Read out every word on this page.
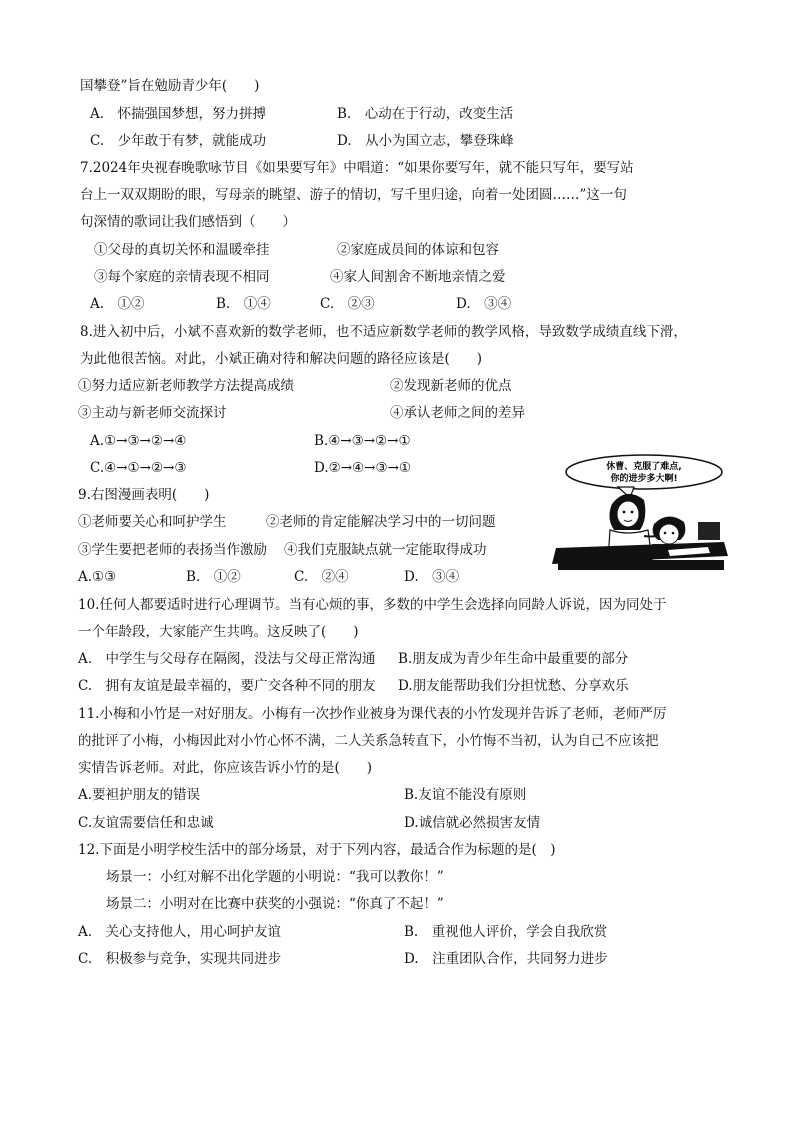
国攀登”旨在勉励青少年(　　)
A.　怀揣强国梦想，努力拼搏	B.　心动在于行动，改变生活
C.　少年敢于有梦，就能成功	D.　从小为国立志，攀登珠峰
7.2024年央视春晚歌咏节目《如果要写年》中唱道：“如果你要写年，就不能只写年，要写站
台上一双双期盼的眼，写母亲的眺望、游子的情切，写千里归途，向着一处团圆……”这一句
句深情的歌词让我们感悟到（　　）
①父母的真切关怀和温暖牵挂	②家庭成员间的体谅和包容
③每个家庭的亲情表现不相同	④家人间割舍不断地亲情之爱
A.　①②	B.　①④	C.　②③	D.　③④
8.进入初中后，小斌不喜欢新的数学老师，也不适应新数学老师的教学风格，导致数学成绩直线下滑，
为此他很苦恼。对此，小斌正确对待和解决问题的路径应该是(　　)
①努力适应新老师教学方法提高成绩	②发现新老师的优点
③主动与新老师交流探讨	④承认老师之间的差异
A.①→③→②→④	B.④→③→②→①
C.④→①→②→③	D.②→④→③→①
9.右图漫画表明(　　)
①老师要关心和呵护学生	②老师的肯定能解决学习中的一切问题
③学生要把老师的表扬当作激励 ④我们克服缺点就一定能取得成功
A.①③	B.　①②	C.　②④	D.　③④
休曹、克服了难点,
你的进步多大啊!
10.任何人都要适时进行心理调节。当有心烦的事，多数的中学生会选择向同龄人诉说，因为同处于
一个年龄段，大家能产生共鸣。这反映了(　　)
A.　中学生与父母存在隔阂，没法与父母正常沟通 B.朋友成为青少年生命中最重要的部分
C.　拥有友谊是最幸福的，要广交各种不同的朋友 D.朋友能帮助我们分担忧愁、分享欢乐
11.小梅和小竹是一对好朋友。小梅有一次抄作业被身为课代表的小竹发现并告诉了老师，老师严厉
的批评了小梅，小梅因此对小竹心怀不满，二人关系急转直下，小竹悔不当初，认为自己不应该把
实情告诉老师。对此，你应该告诉小竹的是(　　)
A.要袒护朋友的错误	B.友谊不能没有原则
C.友谊需要信任和忠诚	D.诚信就必然损害友情
12.下面是小明学校生活中的部分场景，对于下列内容，最适合作为标题的是(　)
场景一：小红对解不出化学题的小明说：“我可以教你！”
场景二：小明对在比赛中获奖的小强说：“你真了不起！”
A.　关心支持他人，用心呵护友谊	B.　重视他人评价，学会自我欣赏
C.　积极参与竞争，实现共同进步	D.　注重团队合作，共同努力进步
